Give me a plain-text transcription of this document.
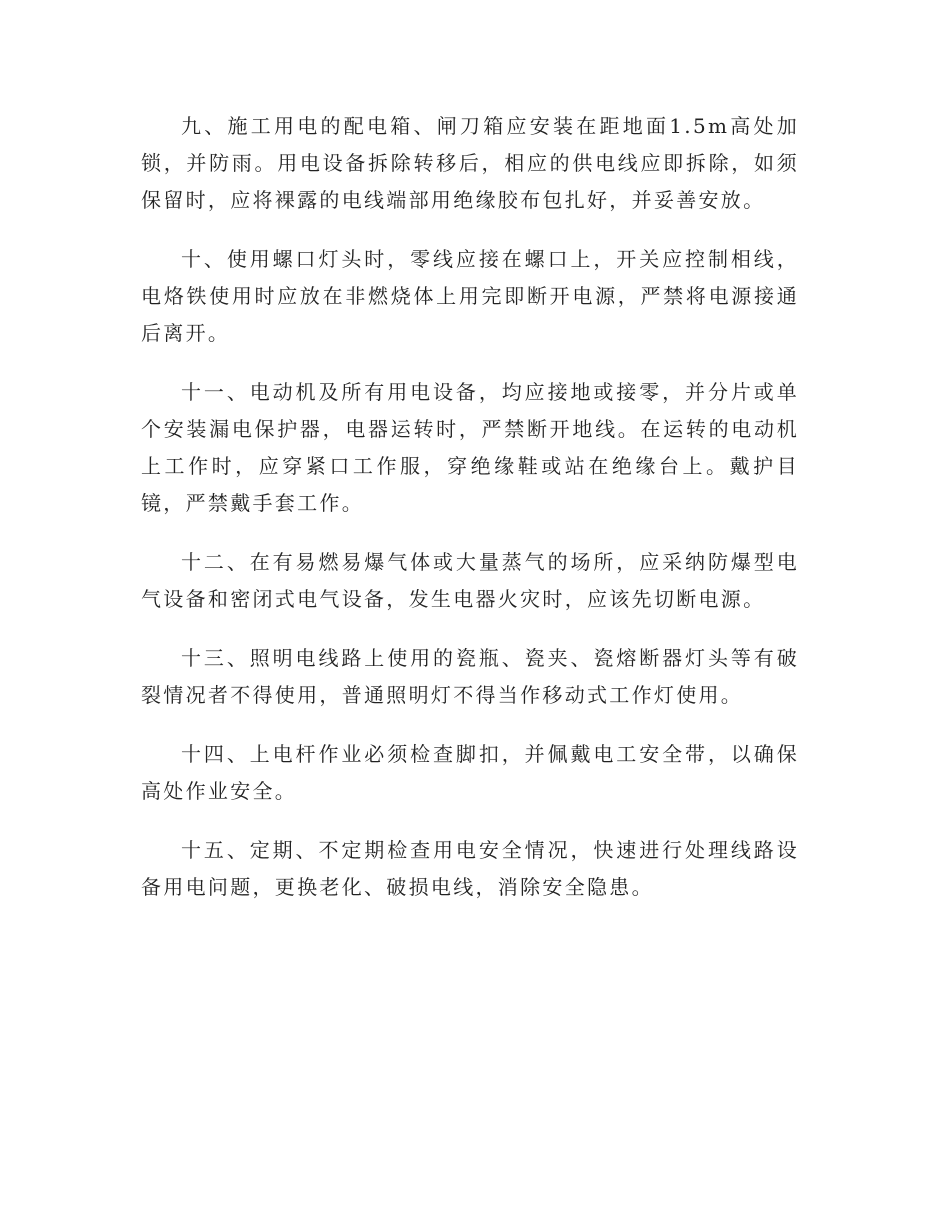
九、施工用电的配电箱、闸刀箱应安装在距地面1.5m高处加锁，并防雨。用电设备拆除转移后，相应的供电线应即拆除，如须保留时，应将裸露的电线端部用绝缘胶布包扎好，并妥善安放。

十、使用螺口灯头时，零线应接在螺口上，开关应控制相线，电烙铁使用时应放在非燃烧体上用完即断开电源，严禁将电源接通后离开。

十一、电动机及所有用电设备，均应接地或接零，并分片或单个安装漏电保护器，电器运转时，严禁断开地线。在运转的电动机上工作时，应穿紧口工作服，穿绝缘鞋或站在绝缘台上。戴护目镜，严禁戴手套工作。

十二、在有易燃易爆气体或大量蒸气的场所，应采纳防爆型电气设备和密闭式电气设备，发生电器火灾时，应该先切断电源。

十三、照明电线路上使用的瓷瓶、瓷夹、瓷熔断器灯头等有破裂情况者不得使用，普通照明灯不得当作移动式工作灯使用。

十四、上电杆作业必须检查脚扣，并佩戴电工安全带，以确保高处作业安全。

十五、定期、不定期检查用电安全情况，快速进行处理线路设备用电问题，更换老化、破损电线，消除安全隐患。
